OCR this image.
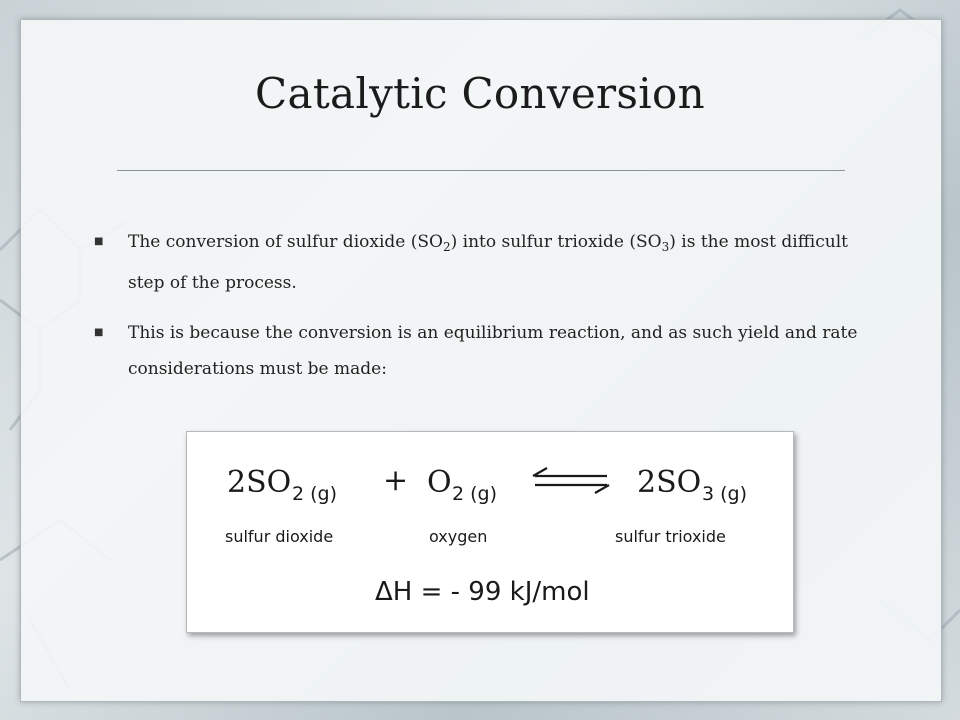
Catalytic Conversion
■
The conversion of sulfur dioxide $(SO_2)$ into sulfur trioxide $(SO_3)$ is the most difficult step of the process.
■
This is because the conversion is an equilibrium reaction, and as such yield and rate considerations must be made:
2SO 2 (g) + O 2 (g)	2SO 3 (g)
sulfur dioxide	oxygen	sulfur trioxide
ΔH = - 99 kJ/mol
